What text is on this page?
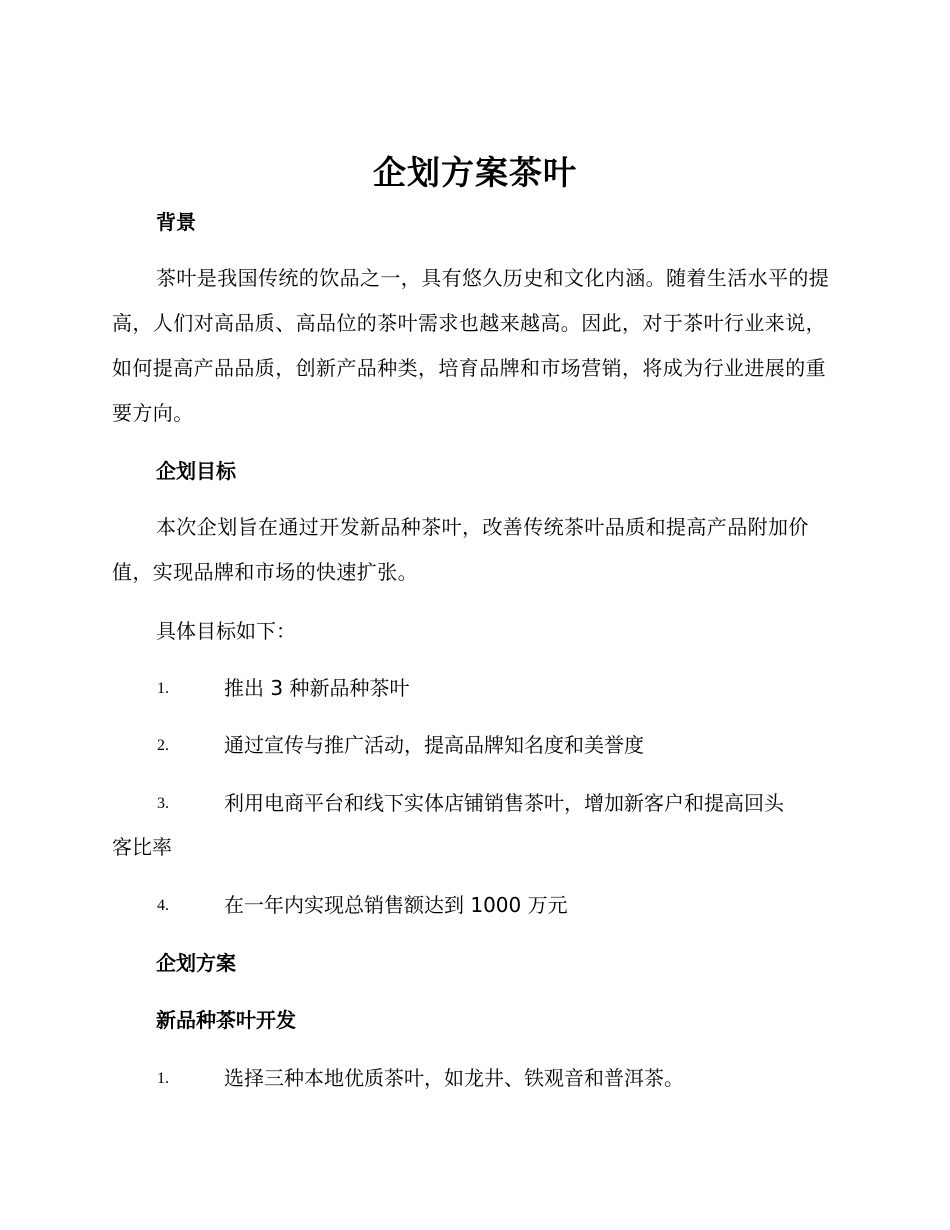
企划方案茶叶
背景

茶叶是我国传统的饮品之一，具有悠久历史和文化内涵。随着生活水平的提高，人们对高品质、高品位的茶叶需求也越来越高。因此，对于茶叶行业来说，如何提高产品品质，创新产品种类，培育品牌和市场营销，将成为行业进展的重要方向。

企划目标

本次企划旨在通过开发新品种茶叶，改善传统茶叶品质和提高产品附加价值，实现品牌和市场的快速扩张。

具体目标如下：
1.	推出 3 种新品种茶叶
2.	通过宣传与推广活动，提高品牌知名度和美誉度
3.	利用电商平台和线下实体店铺销售茶叶，增加新客户和提高回头
客比率
4.	在一年内实现总销售额达到 1000 万元
企划方案
新品种茶叶开发
1.	选择三种本地优质茶叶，如龙井、铁观音和普洱茶。
